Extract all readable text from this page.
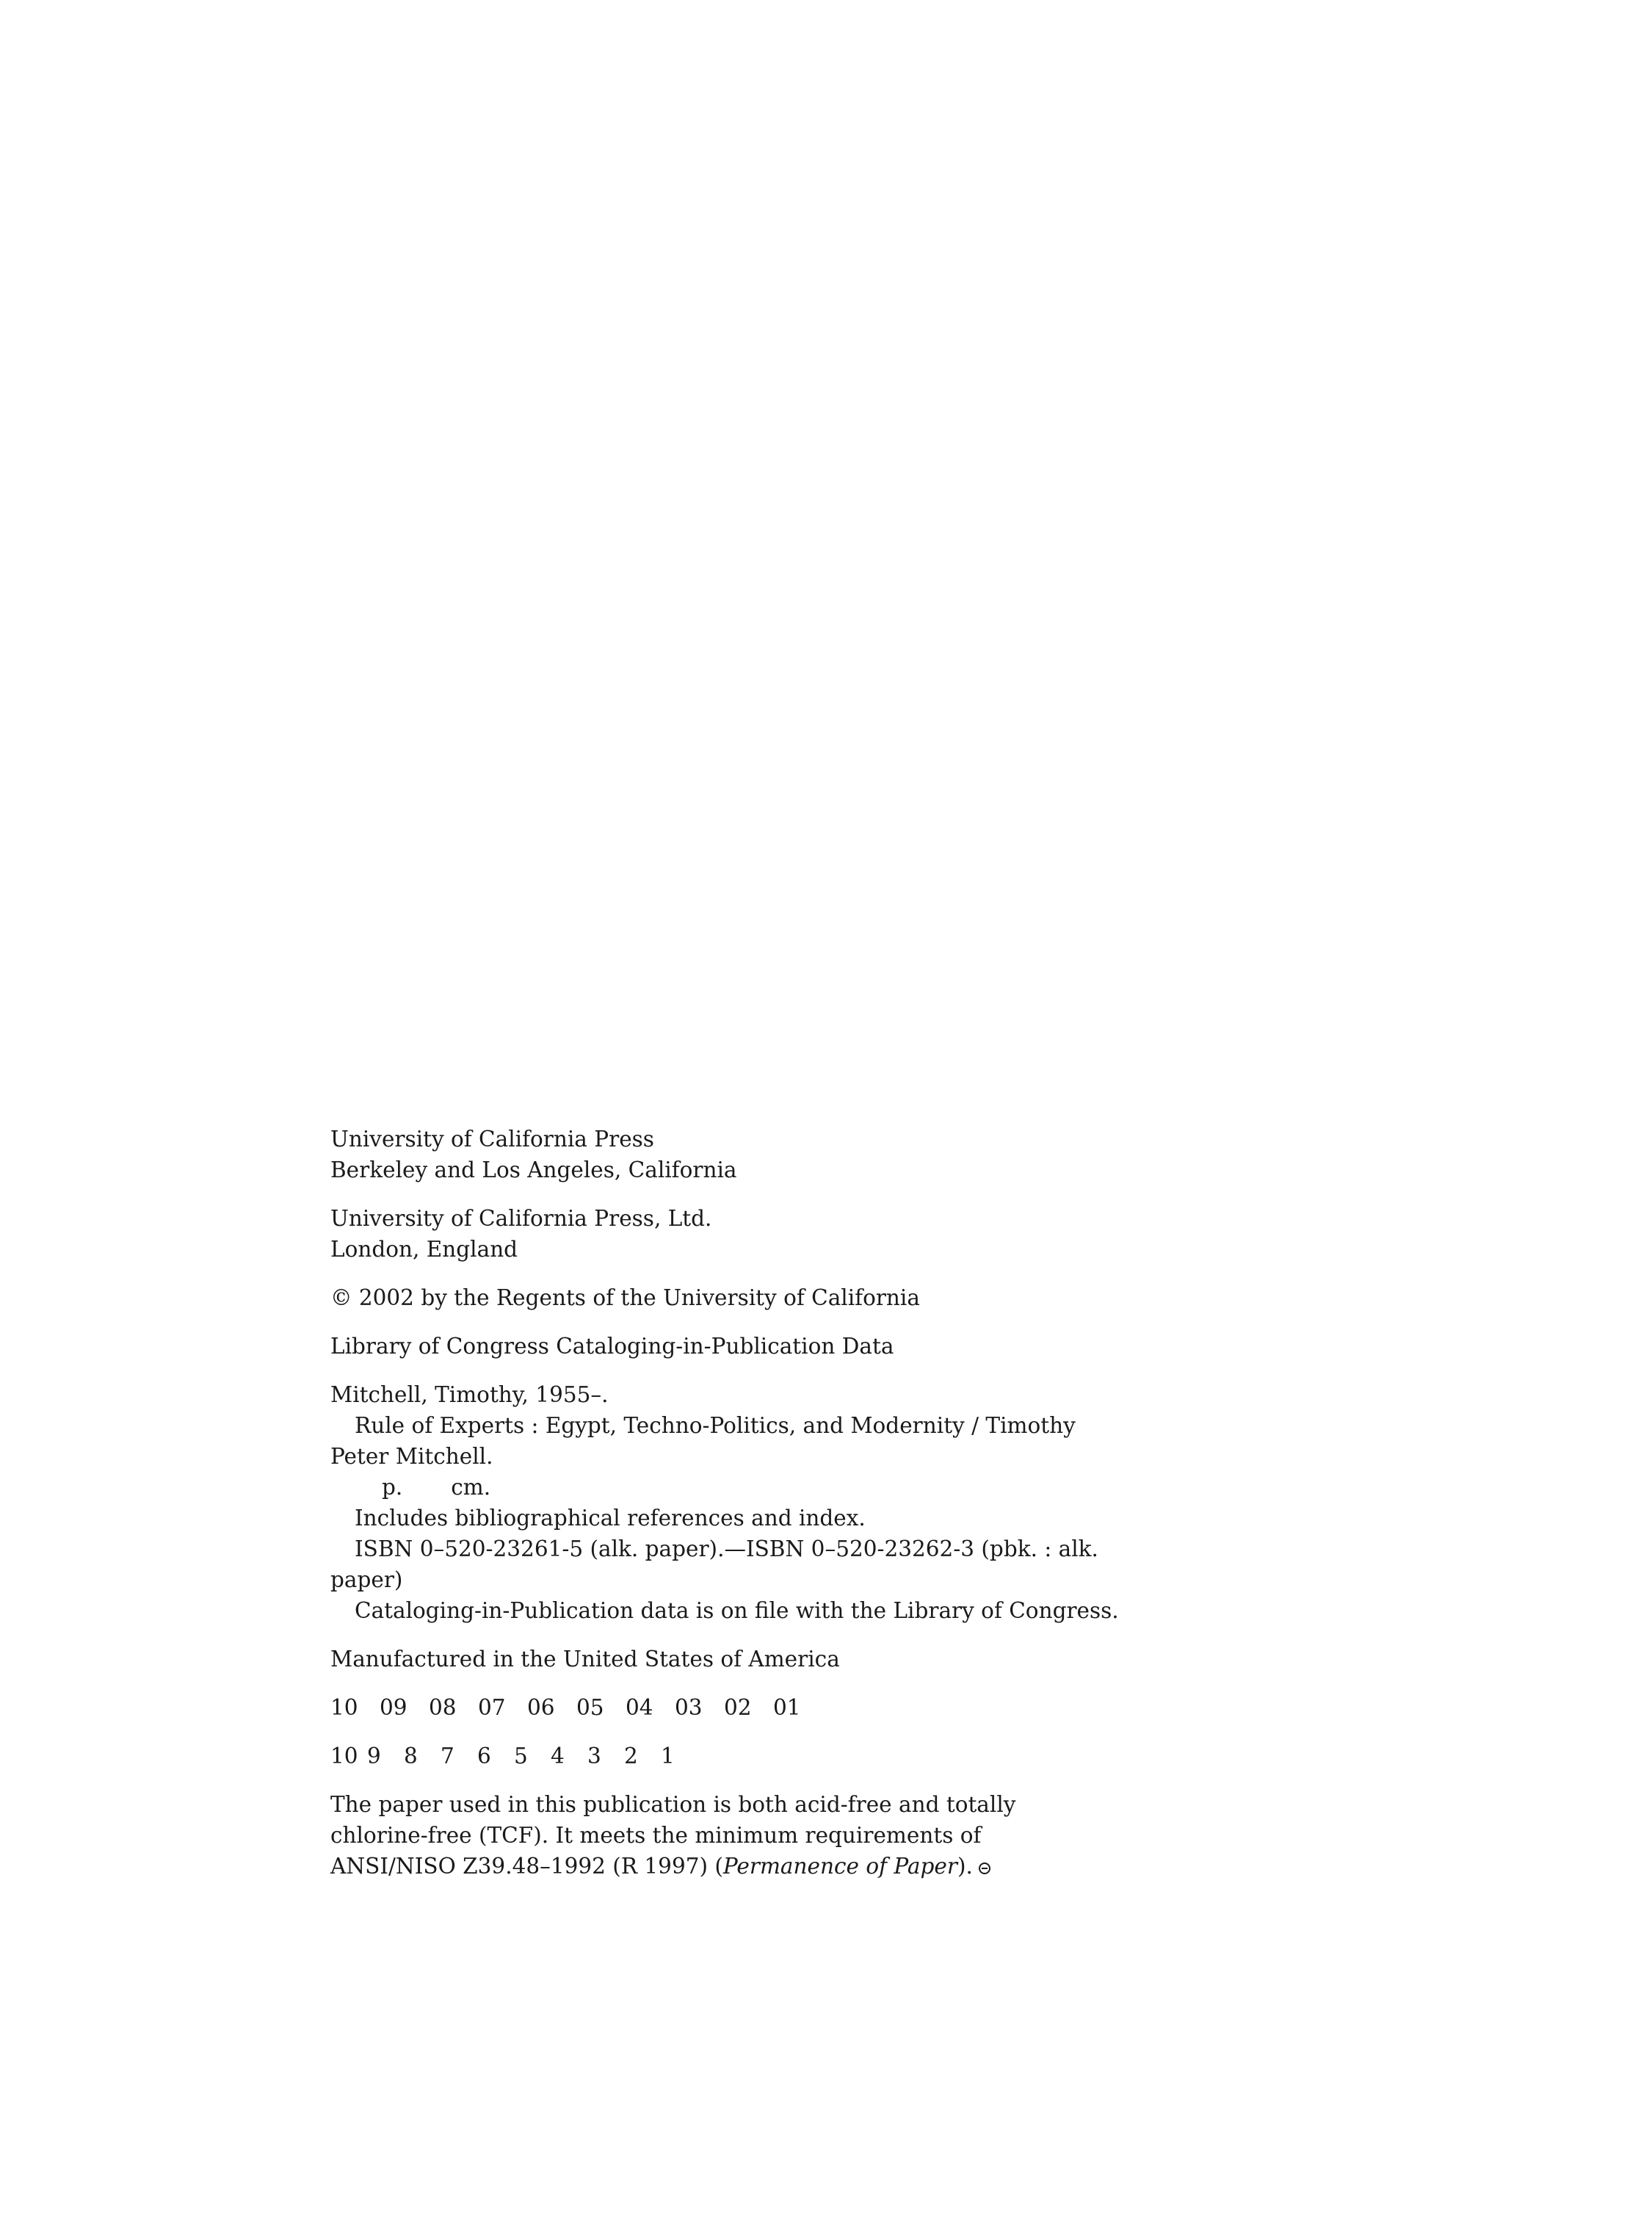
University of California Press
Berkeley and Los Angeles, California
University of California Press, Ltd.
London, England
© 2002 by the Regents of the University of California
Library of Congress Cataloging-in-Publication Data
Mitchell, Timothy, 1955–.
Rule of Experts : Egypt, Techno-Politics, and Modernity / Timothy
Peter Mitchell.
p. cm.
Includes bibliographical references and index.
ISBN 0–520-23261-5 (alk. paper).—ISBN 0–520-23262-3 (pbk. : alk.
paper)
Cataloging-in-Publication data is on file with the Library of Congress.
Manufactured in the United States of America
10 09 08 07 06 05 04 03 02 01
10 9	8	7	6	5	4	3	2	1
The paper used in this publication is both acid-free and totally chlorine-free (TCF). It meets the minimum requirements of ANSI/NISO Z39.48–1992 (R 1997) (Permanence of Paper).
